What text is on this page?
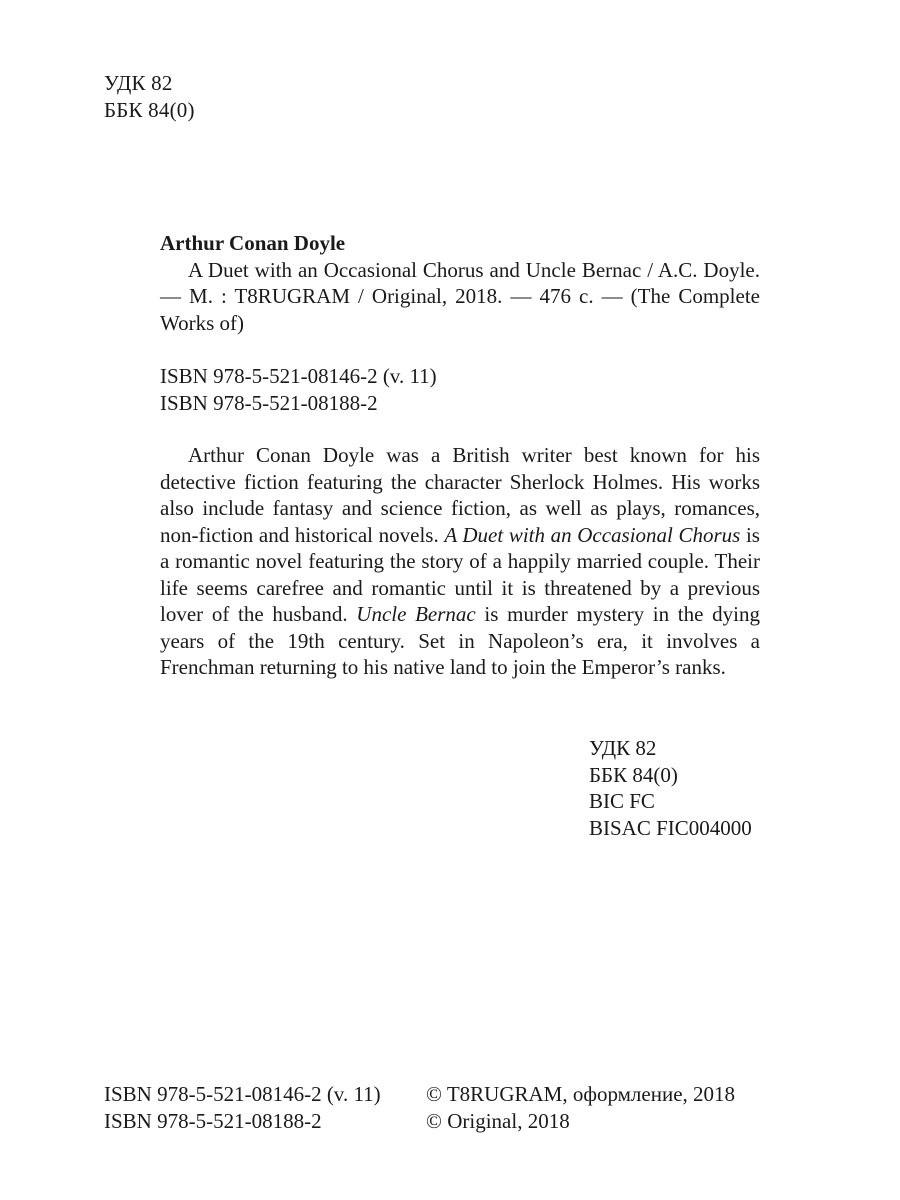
УДК 82
ББК 84(0)
Arthur Conan Doyle
A Duet with an Occasional Chorus and Uncle Bernac / A.C. Doyle. — M. : T8RUGRAM / Original, 2018. — 476 c. — (The Complete Works of)
ISBN 978-5-521-08146-2 (v. 11)
ISBN 978-5-521-08188-2
Arthur Conan Doyle was a British writer best known for his detective fiction featuring the character Sherlock Holmes. His works also include fantasy and science fiction, as well as plays, romances, non-fiction and historical novels. A Duet with an Occasional Chorus is a romantic novel featuring the story of a happily married couple. Their life seems carefree and romantic until it is threatened by a previous lover of the husband. Uncle Bernac is murder mystery in the dying years of the 19th century. Set in Napoleon’s era, it involves a Frenchman returning to his native land to join the Emperor’s ranks.
УДК 82
ББК 84(0)
BIC FC
BISAC FIC004000
ISBN 978-5-521-08146-2 (v. 11)
ISBN 978-5-521-08188-2
© T8RUGRAM, оформление, 2018
© Original, 2018
